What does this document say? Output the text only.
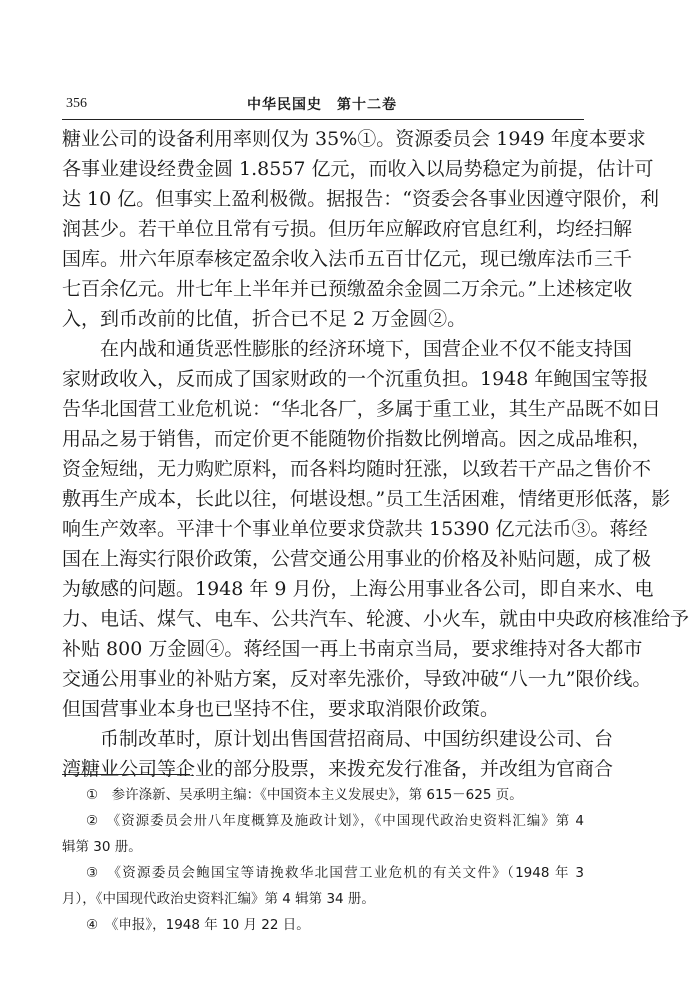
356	中华民国史　第十二卷
糖业公司的设备利用率则仅为 35%①。资源委员会 1949 年度本要求
各事业建设经费金圆 1.8557 亿元，而收入以局势稳定为前提，估计可
达 10 亿。但事实上盈利极微。据报告：“资委会各事业因遵守限价，利
润甚少。若干单位且常有亏损。但历年应解政府官息红利，均经扫解
国库。卅六年原奉核定盈余收入法币五百廿亿元，现已缴库法币三千
七百余亿元。卅七年上半年并已预缴盈余金圆二万余元。”上述核定收
入，到币改前的比值，折合已不足 2 万金圆②。
在内战和通货恶性膨胀的经济环境下，国营企业不仅不能支持国
家财政收入，反而成了国家财政的一个沉重负担。1948 年鲍国宝等报
告华北国营工业危机说：“华北各厂，多属于重工业，其生产品既不如日
用品之易于销售，而定价更不能随物价指数比例增高。因之成品堆积，
资金短绌，无力购贮原料，而各料均随时狂涨，以致若干产品之售价不
敷再生产成本，长此以往，何堪设想。”员工生活困难，情绪更形低落，影
响生产效率。平津十个事业单位要求贷款共 15390 亿元法币③。蒋经
国在上海实行限价政策，公营交通公用事业的价格及补贴问题，成了极
为敏感的问题。1948 年 9 月份，上海公用事业各公司，即自来水、电
力、电话、煤气、电车、公共汽车、轮渡、小火车，就由中央政府核准给予
补贴 800 万金圆④。蒋经国一再上书南京当局，要求维持对各大都市
交通公用事业的补贴方案，反对率先涨价，导致冲破“八一九”限价线。
但国营事业本身也已坚持不住，要求取消限价政策。
币制改革时，原计划出售国营招商局、中国纺织建设公司、台
湾糖业公司等企业的部分股票，来拨充发行准备，并改组为官商合
①　参许涤新、吴承明主编：《中国资本主义发展史》，第 615－625 页。
②　《资源委员会卅八年度概算及施政计划》，《中国现代政治史资料汇编》第 4
辑第 30 册。
③　《资源委员会鲍国宝等请挽救华北国营工业危机的有关文件》（1948 年 3
月），《中国现代政治史资料汇编》第 4 辑第 34 册。
④　《申报》，1948 年 10 月 22 日。
